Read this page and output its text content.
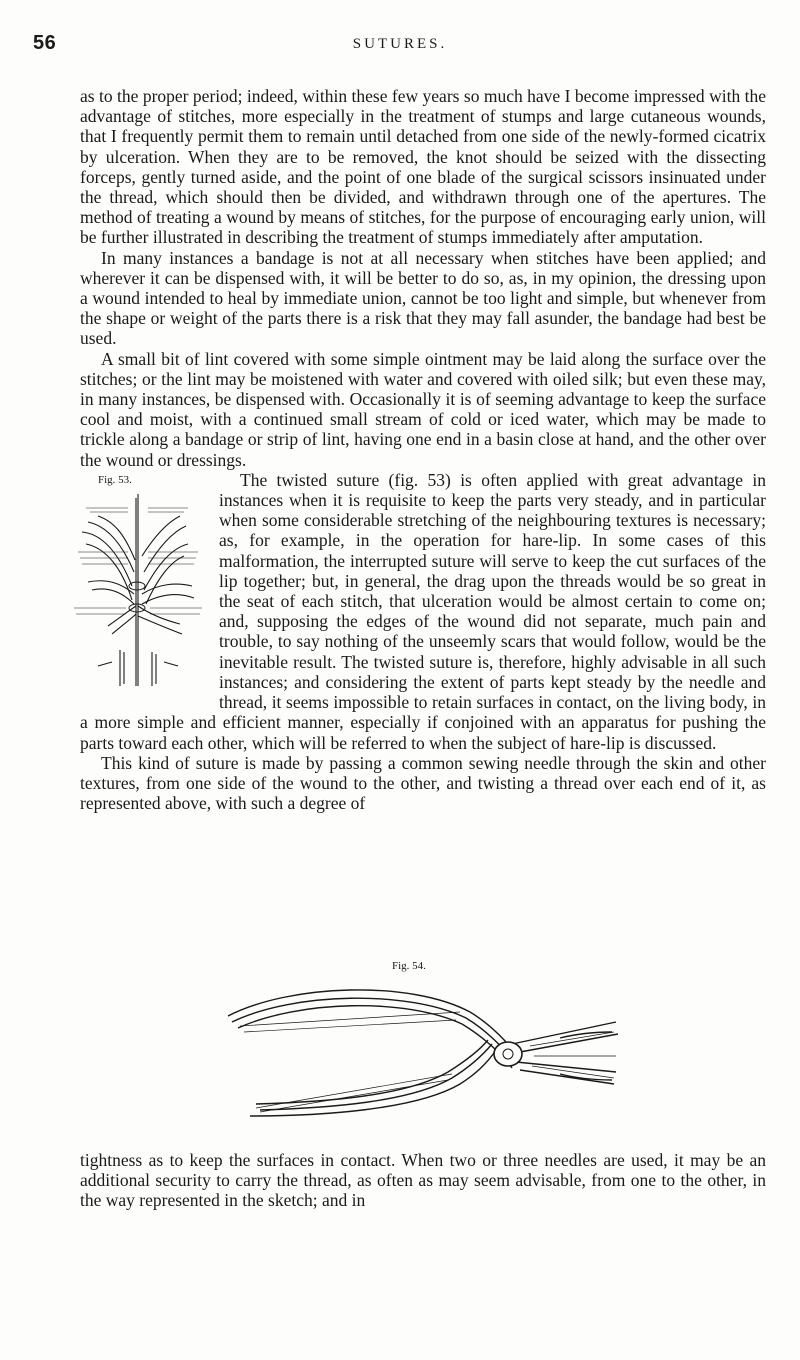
56	SUTURES.

as to the proper period; indeed, within these few years so much have I become impressed with the advantage of stitches, more especially in the treatment of stumps and large cutaneous wounds, that I frequently permit them to remain until detached from one side of the newly-formed cicatrix by ulceration. When they are to be removed, the knot should be seized with the dissecting forceps, gently turned aside, and the point of one blade of the surgical scissors insinuated under the thread, which should then be divided, and withdrawn through one of the apertures. The method of treating a wound by means of stitches, for the purpose of encouraging early union, will be further illustrated in describing the treatment of stumps immediately after amputation.

In many instances a bandage is not at all necessary when stitches have been applied; and wherever it can be dispensed with, it will be better to do so, as, in my opinion, the dressing upon a wound intended to heal by immediate union, cannot be too light and simple, but whenever from the shape or weight of the parts there is a risk that they may fall asunder, the bandage had best be used.

A small bit of lint covered with some simple ointment may be laid along the surface over the stitches; or the lint may be moistened with water and covered with oiled silk; but even these may, in many instances, be dispensed with. Occasionally it is of seeming advantage to keep the surface cool and moist, with a continued small stream of cold or iced water, which may be made to trickle along a bandage or strip of lint, having one end in a basin close at hand, and the other over the wound or dressings.

Fig. 53.	The twisted suture (fig. 53) is often applied with great advantage in instances when it is requisite to keep the parts very steady, and in particular when some considerable stretching of the neighbouring textures is necessary; as, for example, in the operation for hare-lip. In some cases of this malformation, the interrupted suture will serve to keep the cut surfaces of the lip together; but, in general, the drag upon the threads would be so great in the seat of each stitch, that ulceration would be almost certain to come on; and, supposing the edges of the wound did not separate, much pain and trouble, to say nothing of the unseemly scars that would follow, would be the inevitable result. The twisted suture is, therefore, highly advisable in all such instances; and considering the extent of parts kept steady by the needle and thread, it seems impossible to retain surfaces in contact, on the living body, in a more simple and efficient manner, especially if conjoined with an apparatus for pushing the parts toward each other, which will be referred to when the subject of hare-lip is discussed.

This kind of suture is made by passing a common sewing needle through the skin and other textures, from one side of the wound to the other, and twisting a thread over each end of it, as represented above, with such a degree of

Fig. 54.

tightness as to keep the surfaces in contact. When two or three needles are used, it may be an additional security to carry the thread, as often as may seem advisable, from one to the other, in the way represented in the sketch; and in
